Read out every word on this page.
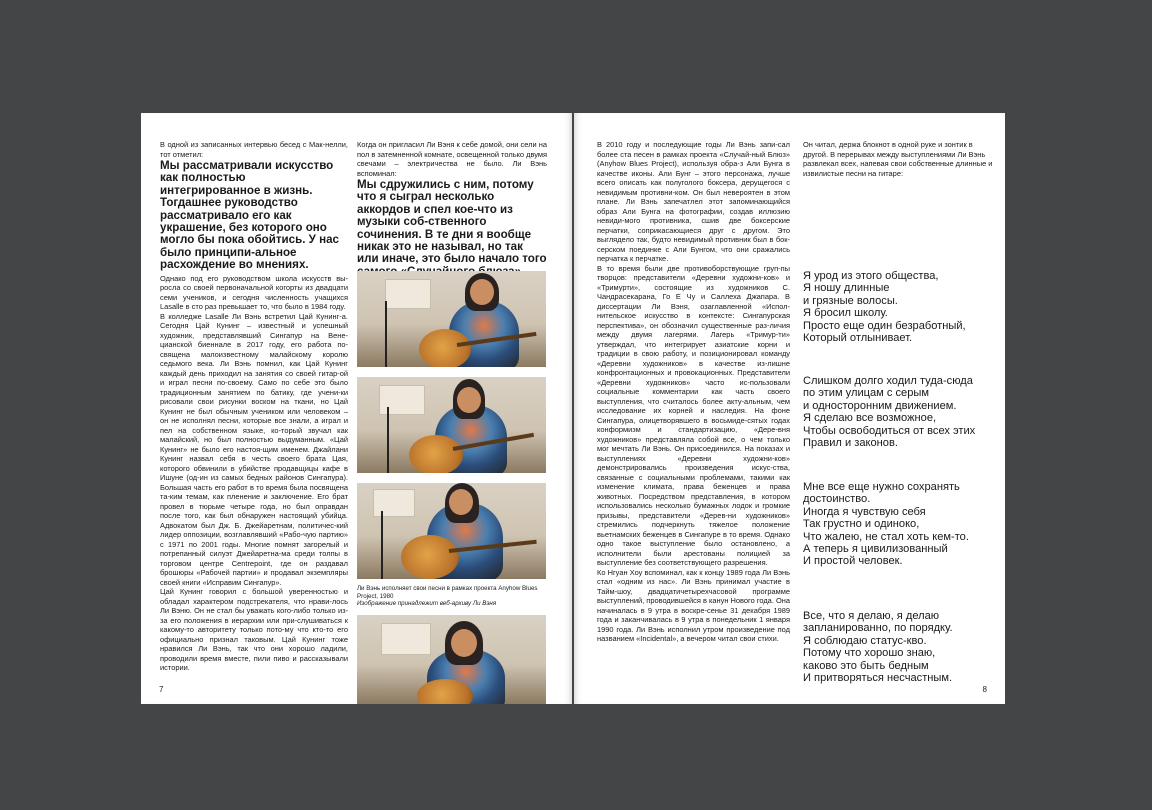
В одной из записанных интервью бесед с Мак-нелли, тот отметил:

Мы рассматривали искусство как полностью интегрированное в жизнь. Тогдашнее руководство рассматривало его как украшение, без которого оно могло бы пока обойтись. У нас было принципи-альное расхождение во мнениях.

Однако под его руководством школа искусств вы-росла со своей первоначальной когорты из двадцати семи учеников, и сегодня численность учащихся Lasalle в сто раз превышает то, что было в 1984 году.

В колледже Lasalle Ли Вэнь встретил Цай Кунинг-а. Сегодня Цай Кунинг – известный и успешный художник, представлявший Сингапур на Вене-цианской биеннале в 2017 году, его работа по-священа малоизвестному малайскому королю седьмого века. Ли Вэнь помнил, как Цай Кунинг каждый день приходил на занятия со своей гитар-ой и играл песни по-своему. Само по себе это было традиционным занятием по батику, где учени-ки рисовали свои рисунки воском на ткани, но Цай Кунинг не был обычным учеником или человеком – он не исполнял песни, которые все знали, а играл и пел на собственном языке, ко-торый звучал как малайский, но был полностью выдуманным. «Цай Кунинг» не было его настоя-щим именем. Джайлани Кунинг назвал себя в честь своего брата Цая, которого обвинили в убийстве продавщицы кафе в Ишуне (од-ин из самых бедных районов Сингапура). Большая часть его работ в то время была посвящена та-ким темам, как пленение и заключение. Его брат провел в тюрьме четыре года, но был оправдан после того, как был обнаружен настоящий убийца. Адвокатом был Дж. Б. Джейаретнам, политичес-кий лидер оппозиции, возглавлявший «Рабо-чую партию» с 1971 по 2001 годы. Многие помнят загорелый и потрепанный силуэт Джейаретна-ма среди толпы в торговом центре Centrepoint, где он раздавал брошюры «Рабочей партии» и продавал экземпляры своей книги «Исправим Сингапур».

Цай Кунинг говорил с большой уверенностью и обладал характером подстрекателя, что нрави-лось Ли Вэню. Он не стал бы уважать кого-либо только из-за его положения в иерархии или при-слушиваться к какому-то авторитету только пото-му что кто-то его официально признал таковым. Цай Кунинг тоже нравился Ли Вэнь, так что они хорошо ладили, проводили время вместе, пили пиво и рассказывали истории.

Когда он пригласил Ли Вэня к себе домой, они сели на пол в затемненной комнате, освещенной только двумя свечами – электричества не было. Ли Вэнь вспоминал:

Мы сдружились с ним, потому что я сыграл несколько аккордов и спел кое-что из музыки соб-ственного сочинения. В те дни я вообще никак это не называл, но так или иначе, это было начало того
Ли Вэнь исполняет свои песни в рамках проекта Anyhow Blues Project, 1980
Изображение принадлежит веб-архиву Ли Вэня
7

В 2010 году и последующие годы Ли Вэнь запи-сал более ста песен в рамках проекта «Случай-ный Блюз» (Anyhow Blues Project), используя обра-з Али Бунга в качестве иконы. Али Бунг – этого персонажа, лучше всего описать как полуголого боксера, дерущегося с невидимым противни-ком. Он был невероятен в этом плане. Ли Вэнь запечатлел этот запоминающийся образ Али Бунга на фотографии, создав иллюзию невиди-мого противника, сшив две боксерские перчатки, соприкасающиеся друг с другом. Это выглядело так, будто невидимый противник был в бок-серском поединке с Али Бунгом, что они сражались перчатка к перчатке.

В то время были две противоборствующие груп-пы творцов: представители «Деревни художни-ков» и «Тримурти», состоящие из художников С. Чандрасекарана, Го Е Чу и Саллеха Джапара. В диссертации Ли Вэня, озаглавленной «Испол-нительское искусство в контексте: Сингапурская перспектива», он обозначил существенные раз-личия между двумя лагерями. Лагерь «Тримур-ти» утверждал, что интегрирует азиатские корни и традиции в свою работу, и позиционировал команду «Деревни художников» в качестве из-лишне конфронтационных и провокационных. Представители «Деревни художников» часто ис-пользовали социальные комментарии как часть своего выступления, что считалось более акту-альным, чем исследование их корней и наследия. На фоне Сингапура, олицетворявшего в восьмиде-сятых годах конформизм и стандартизацию, «Дере-вня художников» представляла собой все, о чем только мог мечтать Ли Вэнь. Он присоединился. На показах и выступлениях «Деревни художни-ков» демонстрировались произведения искус-ства, связанные с социальными проблемами, такими как изменение климата, права беженцев и права животных. Посредством представления, в котором использовались несколько бумажных лодок и громкие призывы, представители «Дерев-ни художников» стремились подчеркнуть тяжелое положение вьетнамских беженцев в Сингапуре в то время. Однако одно такое выступление было остановлено, а исполнители были арестованы полицией за выступление без соответствующего разрешения.

Ко Нгуан Хоу вспоминал, как к концу 1989 года Ли Вэнь стал «одним из нас». Ли Вэнь принимал участие в Тайм-шоу, двадцатичетырехчасовой программе выступлений, проводившейся в канун Нового года. Она начиналась в 9 утра в воскре-сенье 31 декабря 1989 года и заканчивалась в 9 утра в понедельник 1 января 1990 года. Ли Вэнь исполнил утром произведение под названием «Incidental», а вечером читал свои стихи.

Он читал, держа блокнот в одной руке и зонтик в другой. В перерывах между выступлениями Ли Вэнь развлекал всех, напевая свои собственные длинные и извилистые песни на гитаре:

Я урод из этого общества,
Я ношу длинные
и грязные волосы.
Я бросил школу.
Просто еще один безработный,
Который отлынивает.
Слишком долго ходил туда-сюда
по этим улицам с серым
и односторонним движением.
Я сделаю все возможное,
Чтобы освободиться от всех этих
Правил и законов.
Мне все еще нужно сохранять
достоинство.
Иногда я чувствую себя
Так грустно и одиноко,
Что жалею, не стал хоть кем-то.
А теперь я цивилизованный
И простой человек.
Все, что я делаю, я делаю
запланированно, по порядку.
Я соблюдаю статус-кво.
Потому что хорошо знаю,
каково это быть бедным
И притворяться несчастным.
8
